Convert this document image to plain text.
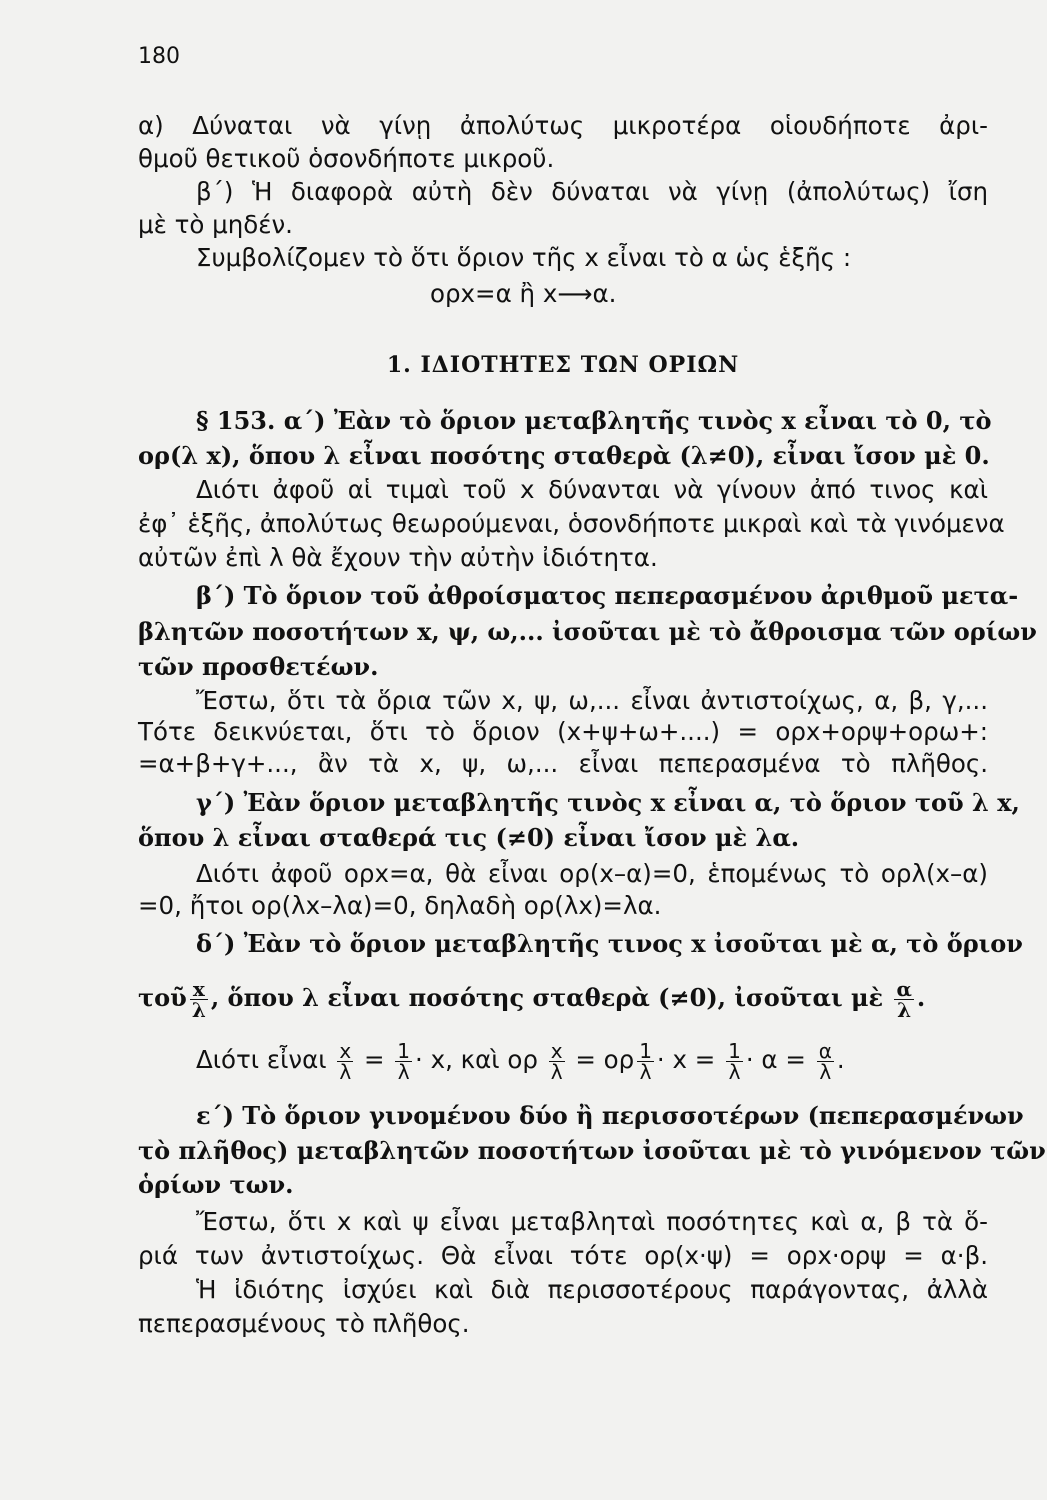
180
α) Δύναται νὰ γίνῃ ἀπολύτως μικροτέρα οἱουδήποτε ἀρι-
θμοῦ θετικοῦ ὁσονδήποτε μικροῦ.
β΄) Ἡ διαφορὰ αὐτὴ δὲν δύναται νὰ γίνῃ (ἀπολύτως) ἴση
μὲ τὸ μηδέν.
Συμβολίζομεν τὸ ὅτι ὅριον τῆς x εἶναι τὸ α ὡς ἑξῆς :
ορx=α ἢ x⟶α.
1. ΙΔΙΟΤΗΤΕΣ ΤΩΝ ΟΡΙΩΝ
§ 153. α΄) Ἐὰν τὸ ὅριον μεταβλητῆς τινὸς x εἶναι τὸ 0, τὸ
ορ(λ x), ὅπου λ εἶναι ποσότης σταθερὰ (λ≠0), εἶναι ἴσον μὲ 0.
Διότι ἀφοῦ αἱ τιμαὶ τοῦ x δύνανται νὰ γίνουν ἀπό τινος καὶ
ἐφ᾽ ἑξῆς, ἀπολύτως θεωρούμεναι, ὁσονδήποτε μικραὶ καὶ τὰ γινόμενα
αὐτῶν ἐπὶ λ θὰ ἔχουν τὴν αὐτὴν ἰδιότητα.
β΄) Τὸ ὅριον τοῦ ἀθροίσματος πεπερασμένου ἀριθμοῦ μετα-
βλητῶν ποσοτήτων x, ψ, ω,... ἰσοῦται μὲ τὸ ἄθροισμα τῶν ορίων
τῶν προσθετέων.
Ἔστω, ὅτι τὰ ὅρια τῶν x, ψ, ω,... εἶναι ἀντιστοίχως, α, β, γ,...
Τότε δεικνύεται, ὅτι τὸ ὅριον (x+ψ+ω+....) = ορx+ορψ+ορω+:
=α+β+γ+..., ἂν τὰ x, ψ, ω,... εἶναι πεπερασμένα τὸ πλῆθος.
γ΄) Ἐὰν ὅριον μεταβλητῆς τινὸς x εἶναι α, τὸ ὅριον τοῦ λ x,
ὅπου λ εἶναι σταθερά τις (≠0) εἶναι ἴσον μὲ λα.
Διότι ἀφοῦ ορx=α, θὰ εἶναι ορ(x–α)=0, ἑπομένως τὸ ορλ(x–α)
=0, ἤτοι ορ(λx–λα)=0, δηλαδὴ ορ(λx)=λα.
δ΄) Ἐὰν τὸ ὅριον μεταβλητῆς τινος x ἰσοῦται μὲ α, τὸ ὅριον
τοῦ $\frac{x}{\lambda}$ , ὅπου λ εἶναι ποσότης σταθερὰ (≠0), ἰσοῦται μὲ $\frac{\alpha}{\lambda}$ .
Διότι εἶναι $\frac{x}{\lambda} = \frac{1}{\lambda} \cdot x$, καὶ ορ $\frac{x}{\lambda} = o\rho \frac{1}{\lambda} \cdot x = \frac{1}{\lambda} \cdot \alpha = \frac{\alpha}{\lambda}$ .
ε΄) Τὸ ὅριον γινομένου δύο ἢ περισσοτέρων (πεπερασμένων
τὸ πλῆθος) μεταβλητῶν ποσοτήτων ἰσοῦται μὲ τὸ γινόμενον τῶν
ὁρίων των.
Ἔστω, ὅτι x καὶ ψ εἶναι μεταβληταὶ ποσότητες καὶ α, β τὰ ὅ-
ριά των ἀντιστοίχως. Θὰ εἶναι τότε ορ(x·ψ) = ορx·ορψ = α·β.
Ἡ ἰδιότης ἰσχύει καὶ διὰ περισσοτέρους παράγοντας, ἀλλὰ
πεπερασμένους τὸ πλῆθος.
